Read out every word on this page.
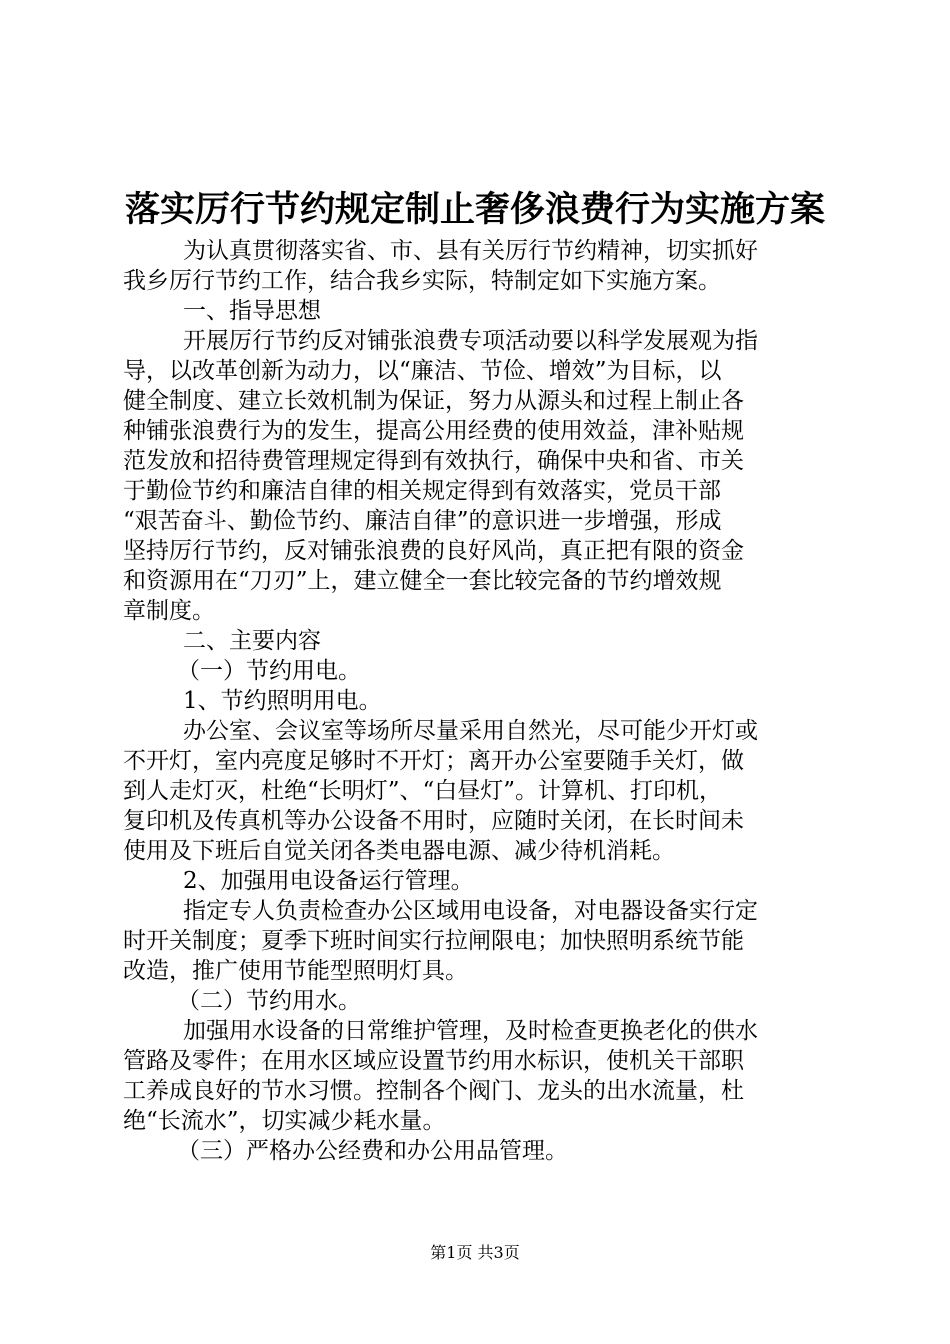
落实厉行节约规定制止奢侈浪费行为实施方案
为认真贯彻落实省、市、县有关厉行节约精神，切实抓好
我乡厉行节约工作，结合我乡实际，特制定如下实施方案。
一、指导思想
开展厉行节约反对铺张浪费专项活动要以科学发展观为指
导，以改革创新为动力，以“廉洁、节俭、增效”为目标，以
健全制度、建立长效机制为保证，努力从源头和过程上制止各
种铺张浪费行为的发生，提高公用经费的使用效益，津补贴规
范发放和招待费管理规定得到有效执行，确保中央和省、市关
于勤俭节约和廉洁自律的相关规定得到有效落实，党员干部
“艰苦奋斗、勤俭节约、廉洁自律”的意识进一步增强，形成
坚持厉行节约，反对铺张浪费的良好风尚，真正把有限的资金
和资源用在“刀刃”上，建立健全一套比较完备的节约增效规
章制度。
二、主要内容
（一）节约用电。
1、节约照明用电。
办公室、会议室等场所尽量采用自然光，尽可能少开灯或
不开灯，室内亮度足够时不开灯；离开办公室要随手关灯，做
到人走灯灭，杜绝“长明灯”、“白昼灯”。计算机、打印机，
复印机及传真机等办公设备不用时，应随时关闭，在长时间未
使用及下班后自觉关闭各类电器电源、减少待机消耗。
2、加强用电设备运行管理。
指定专人负责检查办公区域用电设备，对电器设备实行定
时开关制度；夏季下班时间实行拉闸限电；加快照明系统节能
改造，推广使用节能型照明灯具。
（二）节约用水。
加强用水设备的日常维护管理，及时检查更换老化的供水
管路及零件；在用水区域应设置节约用水标识，使机关干部职
工养成良好的节水习惯。控制各个阀门、龙头的出水流量，杜
绝“长流水”，切实减少耗水量。
（三）严格办公经费和办公用品管理。
第1页 共3页
